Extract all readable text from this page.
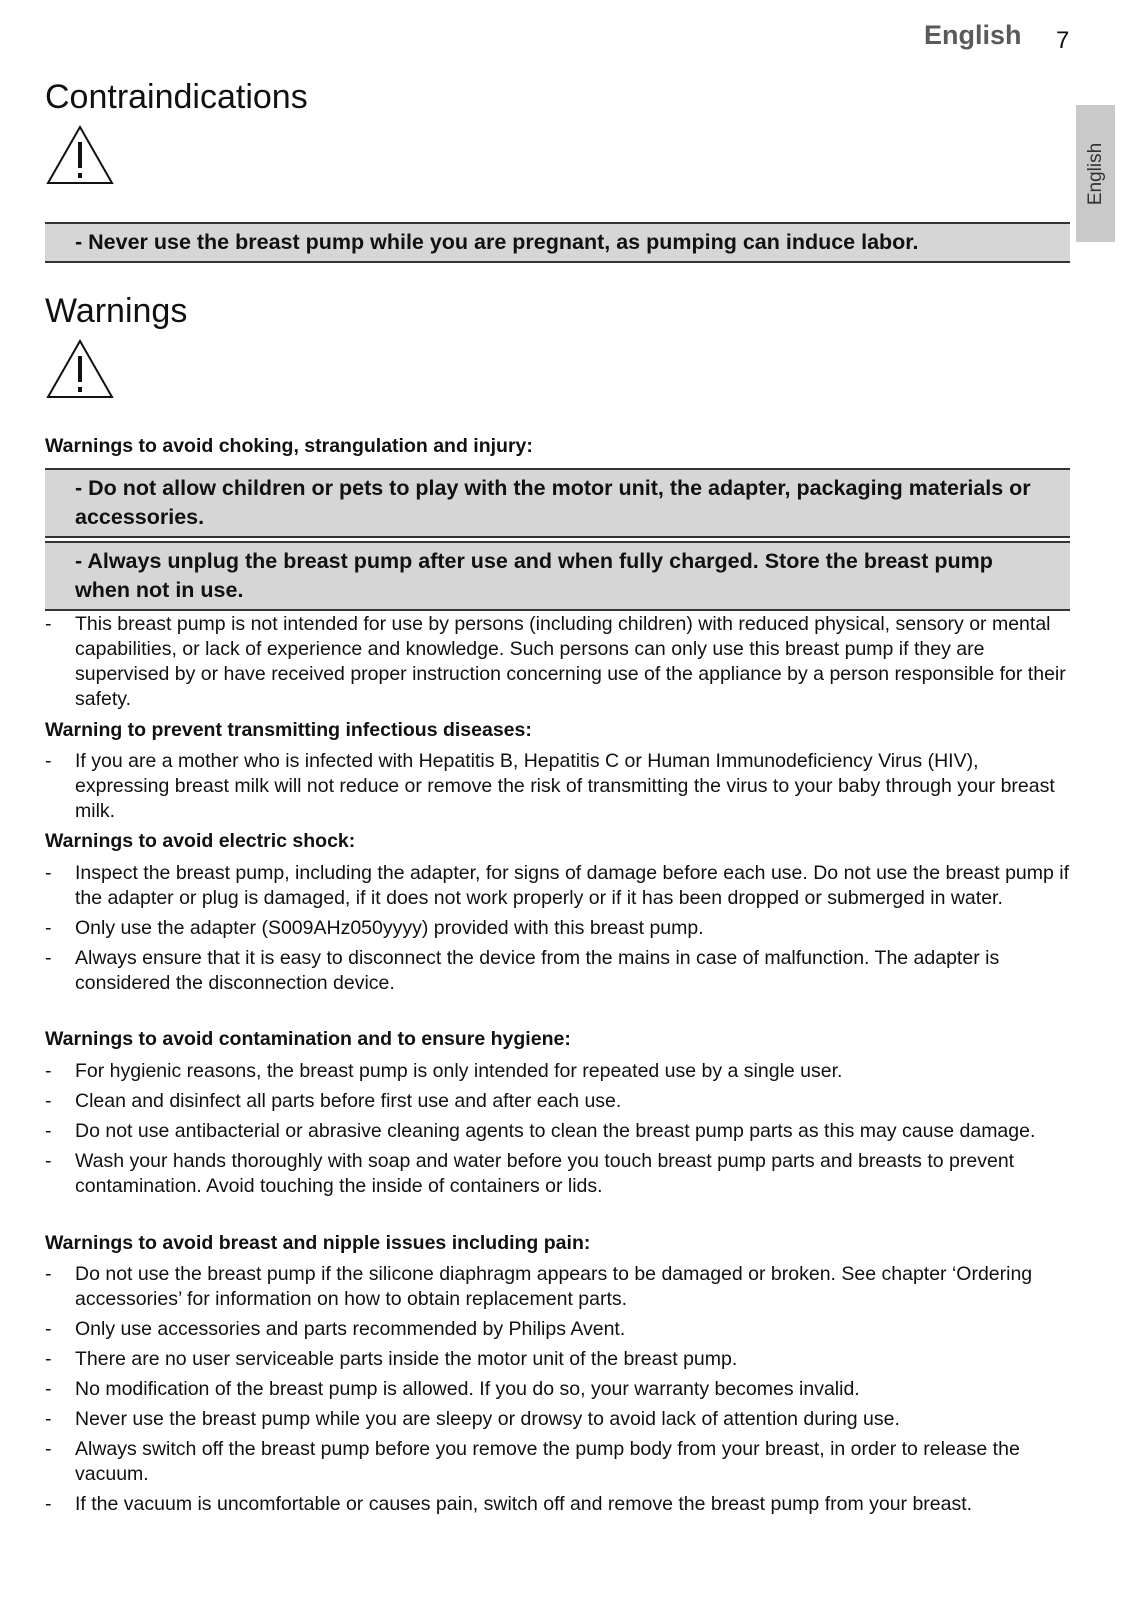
English 7
English
Contraindications
- Never use the breast pump while you are pregnant, as pumping can induce labor.
Warnings
Warnings to avoid choking, strangulation and injury:
- Do not allow children or pets to play with the motor unit, the adapter, packaging materials or accessories.
- Always unplug the breast pump after use and when fully charged. Store the breast pump when not in use.
- This breast pump is not intended for use by persons (including children) with reduced physical, sensory or mental capabilities, or lack of experience and knowledge. Such persons can only use this breast pump if they are supervised by or have received proper instruction concerning use of the appliance by a person responsible for their safety.
Warning to prevent transmitting infectious diseases:
- If you are a mother who is infected with Hepatitis B, Hepatitis C or Human Immunodeficiency Virus (HIV), expressing breast milk will not reduce or remove the risk of transmitting the virus to your baby through your breast milk.
Warnings to avoid electric shock:
- Inspect the breast pump, including the adapter, for signs of damage before each use. Do not use the breast pump if the adapter or plug is damaged, if it does not work properly or if it has been dropped or submerged in water.
- Only use the adapter (S009AHz050yyyy) provided with this breast pump.
- Always ensure that it is easy to disconnect the device from the mains in case of malfunction. The adapter is considered the disconnection device.
Warnings to avoid contamination and to ensure hygiene:
- For hygienic reasons, the breast pump is only intended for repeated use by a single user.
- Clean and disinfect all parts before first use and after each use.
- Do not use antibacterial or abrasive cleaning agents to clean the breast pump parts as this may cause damage.
- Wash your hands thoroughly with soap and water before you touch breast pump parts and breasts to prevent contamination. Avoid touching the inside of containers or lids.
Warnings to avoid breast and nipple issues including pain:
- Do not use the breast pump if the silicone diaphragm appears to be damaged or broken. See chapter ‘Ordering accessories’ for information on how to obtain replacement parts.
- Only use accessories and parts recommended by Philips Avent.
- There are no user serviceable parts inside the motor unit of the breast pump.
- No modification of the breast pump is allowed. If you do so, your warranty becomes invalid.
- Never use the breast pump while you are sleepy or drowsy to avoid lack of attention during use.
- Always switch off the breast pump before you remove the pump body from your breast, in order to release the vacuum.
- If the vacuum is uncomfortable or causes pain, switch off and remove the breast pump from your breast.
